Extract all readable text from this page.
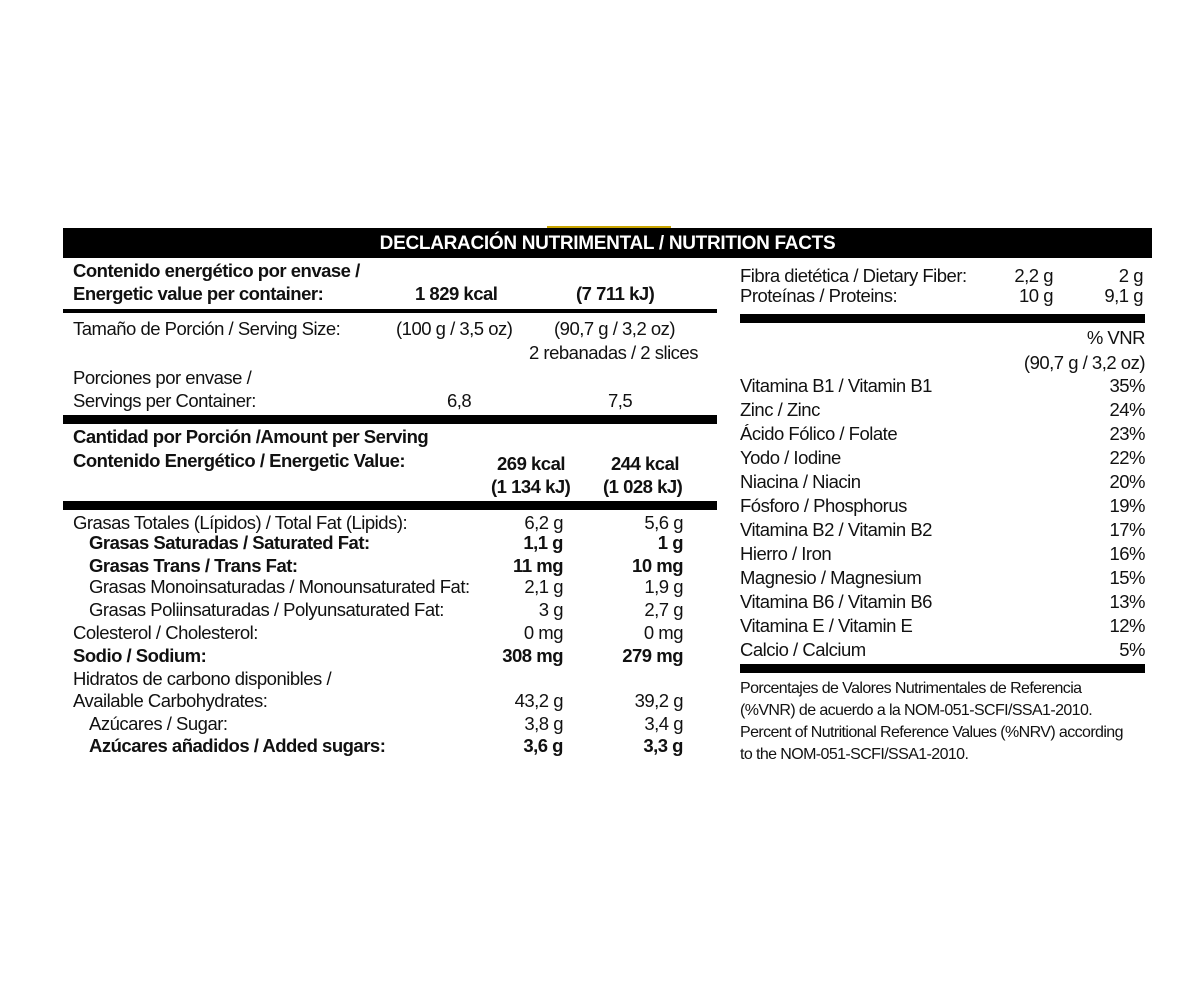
DECLARACIÓN NUTRIMENTAL / NUTRITION FACTS
Contenido energético por envase /
Energetic value per container:	1 829 kcal	(7 711 kJ)
Tamaño de Porción / Serving Size:	(100 g / 3,5 oz) (90,7 g / 3,2 oz)
2 rebanadas / 2 slices
Porciones por envase /
Servings per Container:	6,8	7,5
Cantidad por Porción /Amount per Serving
Contenido Energético / Energetic Value:	269 kcal 244 kcal
(1 134 kJ) (1 028 kJ)
Grasas Totales (Lípidos) / Total Fat (Lipids):	6,2 g	5,6 g
Grasas Saturadas / Saturated Fat:	1,1 g	1 g
Grasas Trans / Trans Fat:	11 mg	10 mg
Grasas Monoinsaturadas / Monounsaturated Fat:	2,1 g	1,9 g
Grasas Poliinsaturadas / Polyunsaturated Fat:	3 g	2,7 g
Colesterol / Cholesterol:	0 mg	0 mg
Sodio / Sodium:	308 mg	279 mg
Hidratos de carbono disponibles /
Available Carbohydrates:	43,2 g	39,2 g
Azúcares / Sugar:	3,8 g	3,4 g
Azúcares añadidos / Added sugars:	3,6 g	3,3 g
Fibra dietética / Dietary Fiber:	2,2 g	2 g
Proteínas / Proteins:	10 g	9,1 g
% VNR
(90,7 g / 3,2 oz)
Vitamina B1 / Vitamin B1	35%
Zinc / Zinc	24%
Ácido Fólico / Folate	23%
Yodo / Iodine	22%
Niacina / Niacin	20%
Fósforo / Phosphorus	19%
Vitamina B2 / Vitamin B2	17%
Hierro / Iron	16%
Magnesio / Magnesium	15%
Vitamina B6 / Vitamin B6	13%
Vitamina E / Vitamin E	12%
Calcio / Calcium	5%
Porcentajes de Valores Nutrimentales de Referencia
(%VNR) de acuerdo a la NOM-051-SCFI/SSA1-2010.
Percent of Nutritional Reference Values (%NRV) according
to the NOM-051-SCFI/SSA1-2010.
